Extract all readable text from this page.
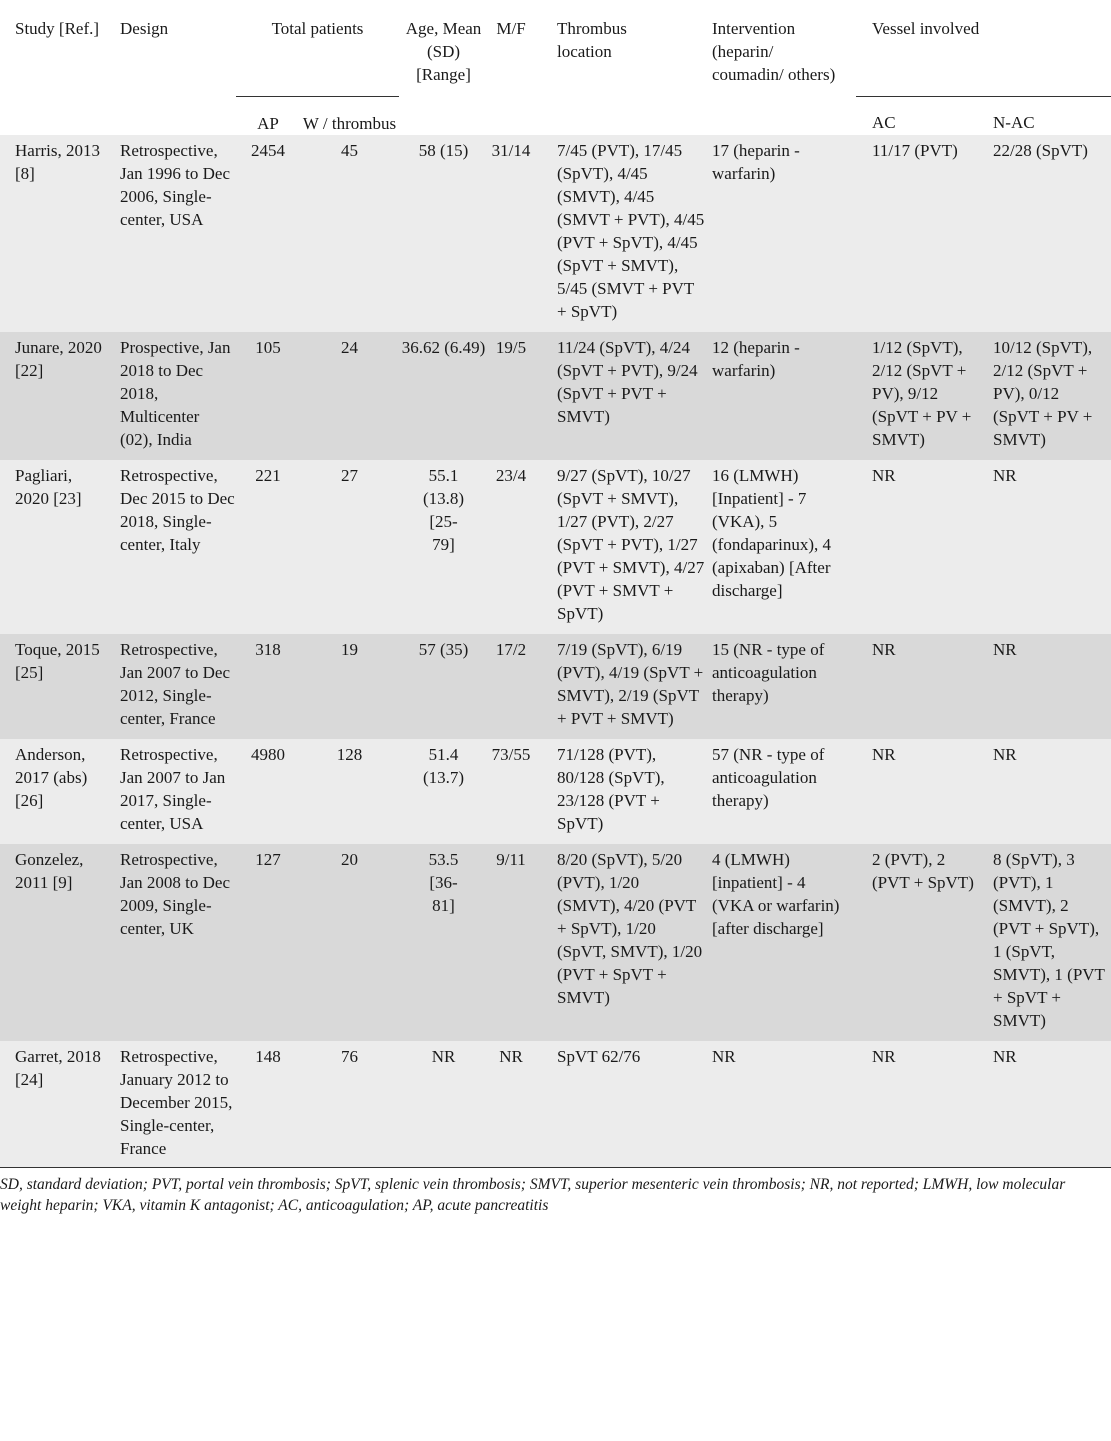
Study [Ref.]	Design	Total patients		Age, Mean (SD) [Range]	M/F	Thrombus location	Intervention (heparin/ coumadin/ others)	Vessel involved	
		AP	W / thrombus					AC	N-AC

Harris, 2013 [8]	Retrospective, Jan 1996 to Dec 2006, Single-center, USA	2454	45	58 (15)	31/14	7/45 (PVT), 17/45 (SpVT), 4/45 (SMVT), 4/45 (SMVT + PVT), 4/45 (PVT + SpVT), 4/45 (SpVT + SMVT), 5/45 (SMVT + PVT + SpVT)	17 (heparin - warfarin)	11/17 (PVT)	22/28 (SpVT)
Junare, 2020 [22]	Prospective, Jan 2018 to Dec 2018, Multicenter (02), India	105	24	36.62 (6.49)	19/5	11/24 (SpVT), 4/24 (SpVT + PVT), 9/24 (SpVT + PVT + SMVT)	12 (heparin - warfarin)	1/12 (SpVT), 2/12 (SpVT + PV), 9/12 (SpVT + PV + SMVT)	10/12 (SpVT), 2/12 (SpVT + PV), 0/12 (SpVT + PV + SMVT)
Pagliari, 2020 [23]	Retrospective, Dec 2015 to Dec 2018, Single-center, Italy	221	27	55.1 (13.8) [25-79]	23/4	9/27 (SpVT), 10/27 (SpVT + SMVT), 1/27 (PVT), 2/27 (SpVT + PVT), 1/27 (PVT + SMVT), 4/27 (PVT + SMVT + SpVT)	16 (LMWH) [Inpatient] - 7 (VKA), 5 (fondaparinux), 4 (apixaban) [After discharge]	NR	NR
Toque, 2015 [25]	Retrospective, Jan 2007 to Dec 2012, Single-center, France	318	19	57 (35)	17/2	7/19 (SpVT), 6/19 (PVT), 4/19 (SpVT + SMVT), 2/19 (SpVT + PVT + SMVT)	15 (NR - type of anticoagulation therapy)	NR	NR
Anderson, 2017 (abs) [26]	Retrospective, Jan 2007 to Jan 2017, Single-center, USA	4980	128	51.4 (13.7)	73/55	71/128 (PVT), 80/128 (SpVT), 23/128 (PVT + SpVT)	57 (NR - type of anticoagulation therapy)	NR	NR
Gonzelez, 2011 [9]	Retrospective, Jan 2008 to Dec 2009, Single-center, UK	127	20	53.5 [36-81]	9/11	8/20 (SpVT), 5/20 (PVT), 1/20 (SMVT), 4/20 (PVT + SpVT), 1/20 (SpVT, SMVT), 1/20 (PVT + SpVT + SMVT)	4 (LMWH) [inpatient] - 4 (VKA or warfarin) [after discharge]	2 (PVT), 2 (PVT + SpVT)	8 (SpVT), 3 (PVT), 1 (SMVT), 2 (PVT + SpVT), 1 (SpVT, SMVT), 1 (PVT + SpVT + SMVT)
Garret, 2018 [24]	Retrospective, January 2012 to December 2015, Single-center, France	148	76	NR	NR	SpVT 62/76	NR	NR	NR
SD, standard deviation; PVT, portal vein thrombosis; SpVT, splenic vein thrombosis; SMVT, superior mesenteric vein thrombosis; NR, not reported; LMWH, low molecular weight heparin; VKA, vitamin K antagonist; AC, anticoagulation; AP, acute pancreatitis
